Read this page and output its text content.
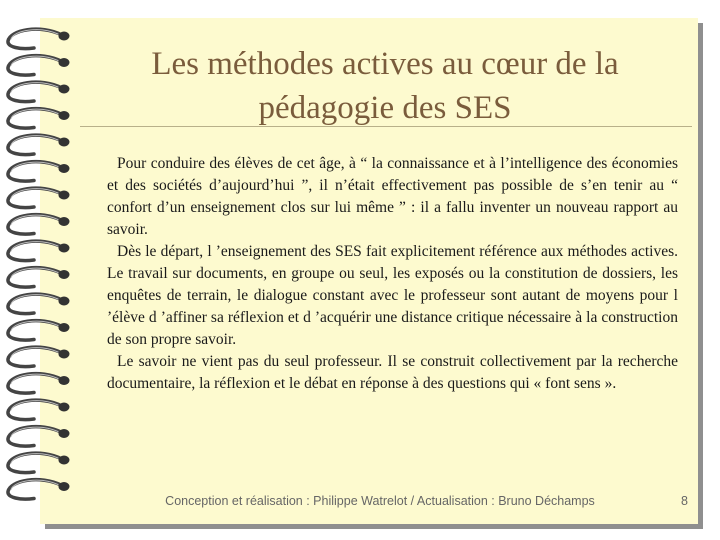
Les méthodes actives au cœur de la
pédagogie des SES

Pour conduire des élèves de cet âge, à “ la connaissance et à l’intelligence des économies et des sociétés d’aujourd’hui ”, il n’était effectivement pas possible de s’en tenir au “ confort d’un enseignement clos sur lui même ” : il a fallu inventer un nouveau rapport au savoir.

Dès le départ, l ’enseignement des SES fait explicitement référence aux méthodes actives. Le travail sur documents, en groupe ou seul, les exposés ou la constitution de dossiers, les enquêtes de terrain, le dialogue constant avec le professeur sont autant de moyens pour l ’élève d ’affiner sa réflexion et d ’acquérir une distance critique nécessaire à la construction de son propre savoir.

Le savoir ne vient pas du seul professeur. Il se construit collectivement par la recherche documentaire, la réflexion et le débat en réponse à des questions qui « font sens ».

Conception et réalisation : Philippe Watrelot / Actualisation : Bruno Déchamps	8
